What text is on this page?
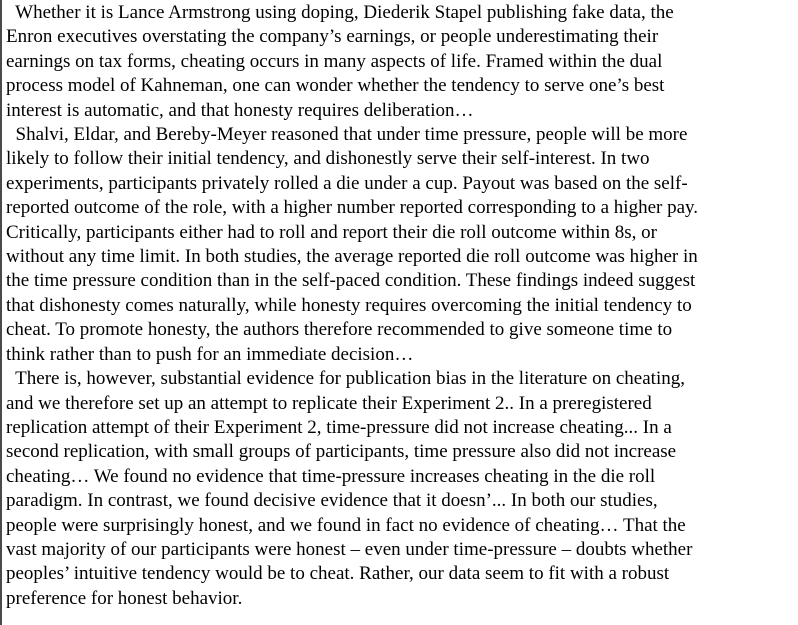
Whether it is Lance Armstrong using doping, Diederik Stapel publishing fake data, the
Enron executives overstating the company’s earnings, or people underestimating their
earnings on tax forms, cheating occurs in many aspects of life. Framed within the dual
process model of Kahneman, one can wonder whether the tendency to serve one’s best
interest is automatic, and that honesty requires deliberation…

Shalvi, Eldar, and Bereby-Meyer reasoned that under time pressure, people will be more
likely to follow their initial tendency, and dishonestly serve their self-interest. In two
experiments, participants privately rolled a die under a cup. Payout was based on the self-
reported outcome of the role, with a higher number reported corresponding to a higher pay.
Critically, participants either had to roll and report their die roll outcome within 8s, or
without any time limit. In both studies, the average reported die roll outcome was higher in
the time pressure condition than in the self-paced condition. These findings indeed suggest
that dishonesty comes naturally, while honesty requires overcoming the initial tendency to
cheat. To promote honesty, the authors therefore recommended to give someone time to
think rather than to push for an immediate decision…

There is, however, substantial evidence for publication bias in the literature on cheating,
and we therefore set up an attempt to replicate their Experiment 2.. In a preregistered
replication attempt of their Experiment 2, time-pressure did not increase cheating... In a
second replication, with small groups of participants, time pressure also did not increase
cheating… We found no evidence that time-pressure increases cheating in the die roll
paradigm. In contrast, we found decisive evidence that it doesn’... In both our studies,
people were surprisingly honest, and we found in fact no evidence of cheating… That the
vast majority of our participants were honest – even under time-pressure – doubts whether
peoples’ intuitive tendency would be to cheat. Rather, our data seem to fit with a robust
preference for honest behavior.
